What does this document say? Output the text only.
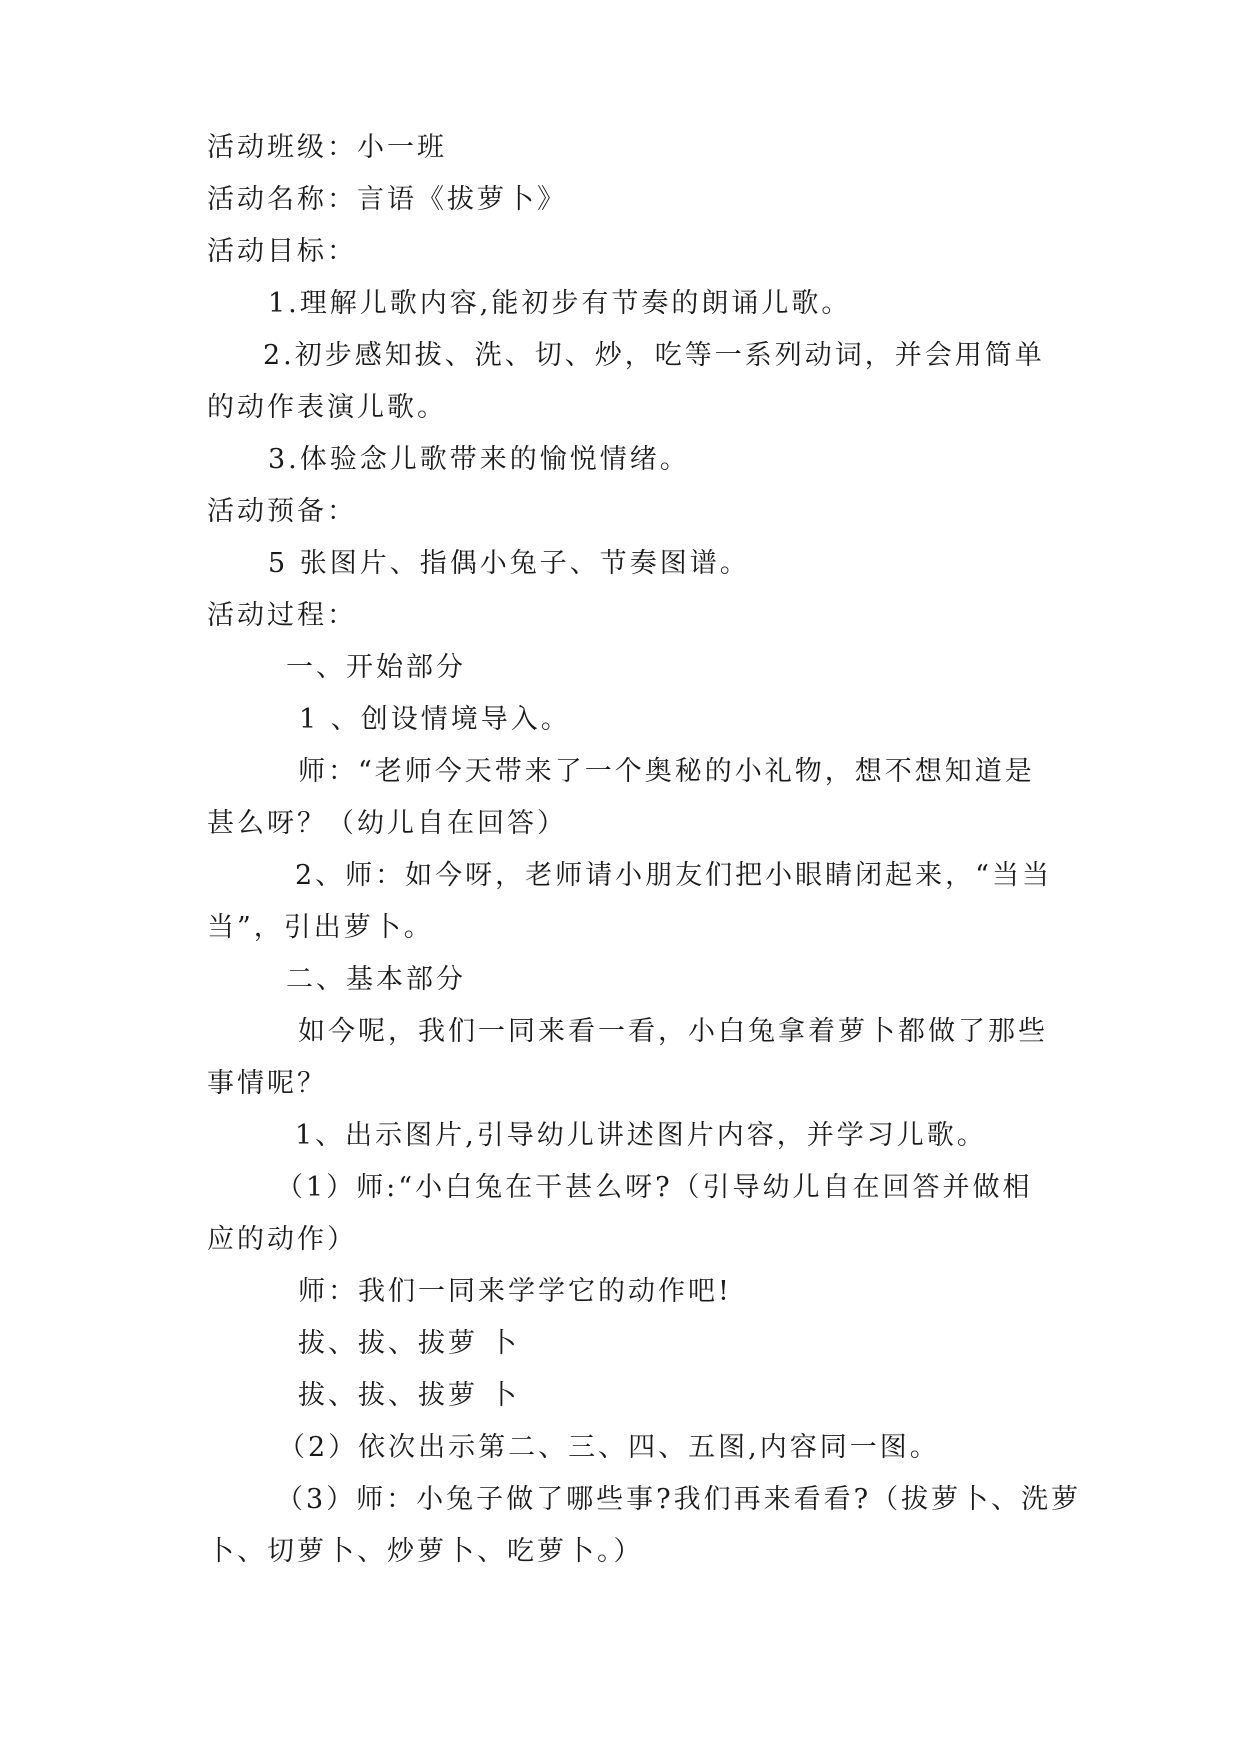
活动班级：小一班
活动名称：言语《拔萝卜》
活动目标：
1.理解儿歌内容,能初步有节奏的朗诵儿歌。
2.初步感知拔、洗、切、炒，吃等一系列动词，并会用简单
的动作表演儿歌。
3.体验念儿歌带来的愉悦情绪。
活动预备：
5 张图片、指偶小兔子、节奏图谱。
活动过程：
一、开始部分
1 、创设情境导入。
师：“老师今天带来了一个奥秘的小礼物，想不想知道是
甚么呀？（幼儿自在回答）
2、师：如今呀，老师请小朋友们把小眼睛闭起来，“当当
当”，引出萝卜。
二、基本部分
如今呢，我们一同来看一看，小白兔拿着萝卜都做了那些
事情呢？
1、出示图片,引导幼儿讲述图片内容，并学习儿歌。
（1）师:“小白兔在干甚么呀?（引导幼儿自在回答并做相
应的动作）
师：我们一同来学学它的动作吧!
拔、拔、拔萝 卜
拔、拔、拔萝 卜
（2）依次出示第二、三、四、五图,内容同一图。
（3）师：小兔子做了哪些事?我们再来看看?（拔萝卜、洗萝
卜、切萝卜、炒萝卜、吃萝卜。）
